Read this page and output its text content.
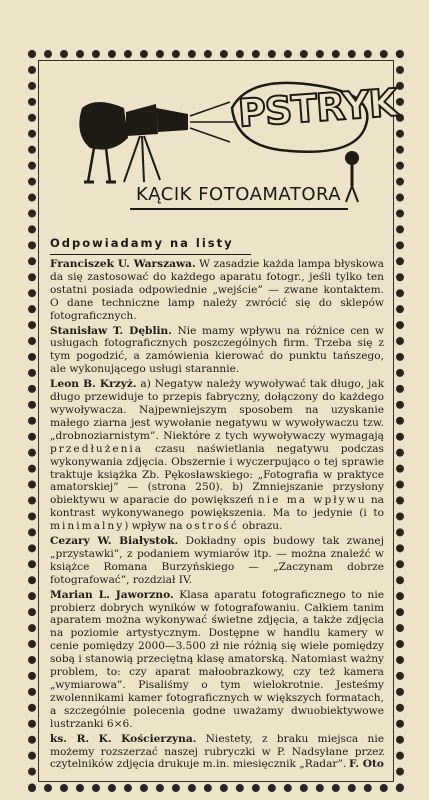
PSTRYK
KĄCIK FOTOAMATORA
Odpowiadamy na listy

Franciszek U. Warszawa. W zasadzie każda lampa błyskowa da się zastosować do każdego aparatu fotogr., jeśli tylko ten ostatni posiada odpowiednie „wejście” — zwane kontaktem. O dane techniczne lamp należy zwrócić się do sklepów fotograficznych.

Stanisław T. Dęblin. Nie mamy wpływu na różnice cen w usługach fotograficznych poszczególnych firm. Trzeba się z tym pogodzić, a zamówienia kierować do punktu tańszego, ale wykonującego usługi starannie.

Leon B. Krzyż. a) Negatyw należy wywoływać tak długo, jak długo przewiduje to przepis fabryczny, dołączony do każdego wywoływacza. Najpewniejszym sposobem na uzyskanie małego ziarna jest wywołanie negatywu w wywoływaczu tzw. „drobnoziarnistym”. Niektóre z tych wywoływaczy wymagają przedłużenia czasu naświetlania negatywu podczas wykonywania zdjęcia. Obszernie i wyczerpująco o tej sprawie traktuje książka Zb. Pękosławskiego: „Fotografia w praktyce amatorskiej” — (strona 250). b) Zmniejszanie przysłony obiektywu w aparacie do powiększeń nie ma wpływu na kontrast wykonywanego powiększenia. Ma to jedynie (i to minimalny) wpływ na ostrość obrazu.

Cezary W. Białystok. Dokładny opis budowy tak zwanej „przystawki”, z podaniem wymiarów itp. — można znaleźć w książce Romana Burzyńskiego — „Zaczynam dobrze fotografować”, rozdział IV.

Marian L. Jaworzno. Klasa aparatu fotograficznego to nie probierz dobrych wyników w fotografowaniu. Całkiem tanim aparatem można wykonywać świetne zdjęcia, a także zdjęcia na poziomie artystycznym. Dostępne w handlu kamery w cenie pomiędzy 2000—3.500 zł nie różnią się wiele pomiędzy sobą i stanowią przeciętną klasę amatorską. Natomiast ważny problem, to: czy aparat małoobrazkowy, czy też kamera „wymiarowa”. Pisaliśmy o tym wielokrotnie. Jesteśmy zwolennikami kamer fotograficznych w większych formatach, a szczególnie polecenia godne uważamy dwuobiektywowe lustrzanki 6×6.

ks. R. K. Kościerzyna. Niestety, z braku miejsca nie możemy rozszerzać naszej rubryczki w P. Nadsyłane przez czytelników zdjęcia drukuje m.in. miesięcznik „Radar”. F. Oto
